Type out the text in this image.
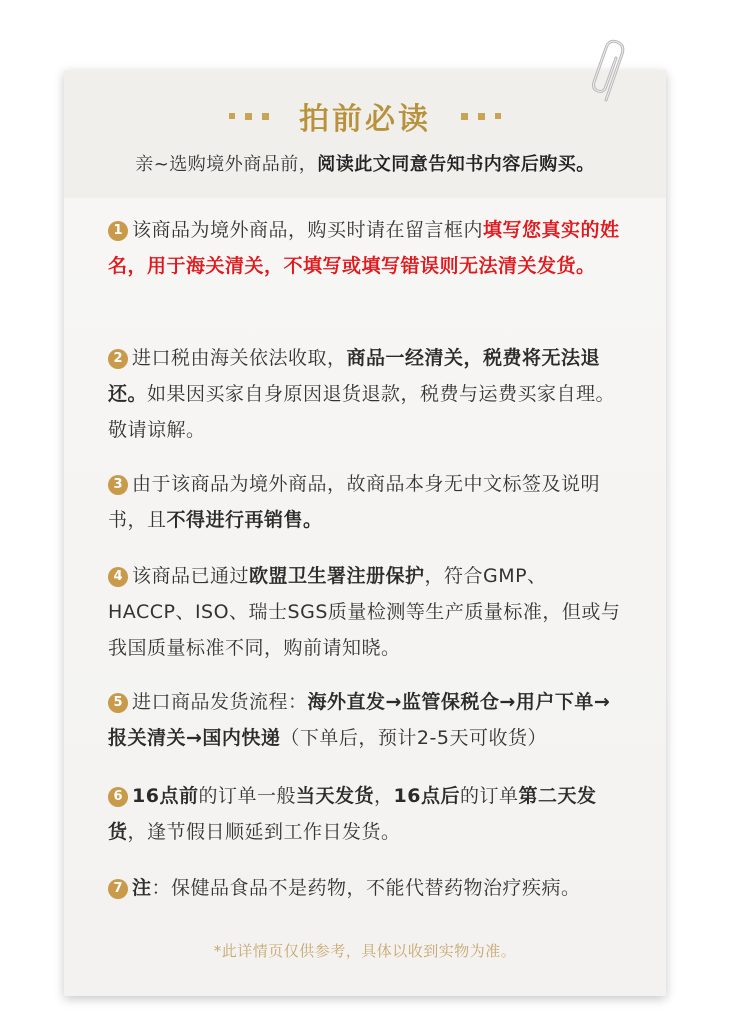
拍前必读
亲~选购境外商品前，阅读此文同意告知书内容后购买。
1 该商品为境外商品，购买时请在留言框内填写您真实的姓名，用于海关清关，不填写或填写错误则无法清关发货。
2 进口税由海关依法收取，商品一经清关，税费将无法退还。如果因买家自身原因退货退款，税费与运费买家自理。敬请谅解。
3 由于该商品为境外商品，故商品本身无中文标签及说明书，且不得进行再销售。
4 该商品已通过欧盟卫生署注册保护，符合GMP、HACCP、ISO、瑞士SGS质量检测等生产质量标准，但或与我国质量标准不同，购前请知晓。
5 进口商品发货流程：海外直发→监管保税仓→用户下单→报关清关→国内快递（下单后，预计2-5天可收货）
6 16点前的订单一般当天发货，16点后的订单第二天发货，逢节假日顺延到工作日发货。
7 注：保健品食品不是药物，不能代替药物治疗疾病。
*此详情页仅供参考，具体以收到实物为准。
